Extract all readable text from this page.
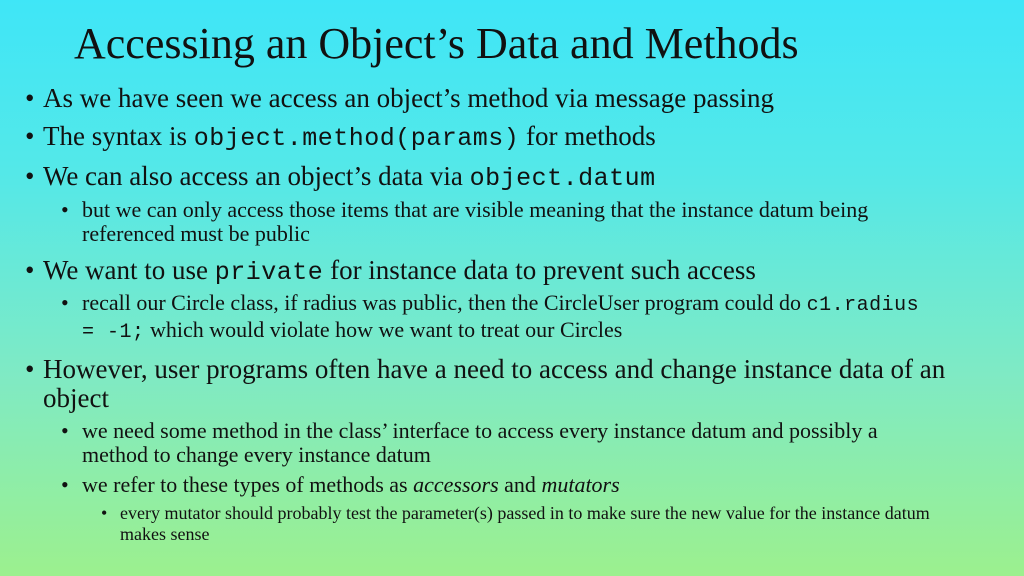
Accessing an Object’s Data and Methods
• As we have seen we access an object’s method via message passing
• The syntax is object.method(params) for methods
• We can also access an object’s data via object.datum
• but we can only access those items that are visible meaning that the instance datum being referenced must be public
• We want to use private for instance data to prevent such access
• recall our Circle class, if radius was public, then the CircleUser program could do c1.radius = -1; which would violate how we want to treat our Circles
• However, user programs often have a need to access and change instance data of an object
• we need some method in the class’ interface to access every instance datum and possibly a method to change every instance datum
• we refer to these types of methods as accessors and mutators
• every mutator should probably test the parameter(s) passed in to make sure the new value for the instance datum makes sense
